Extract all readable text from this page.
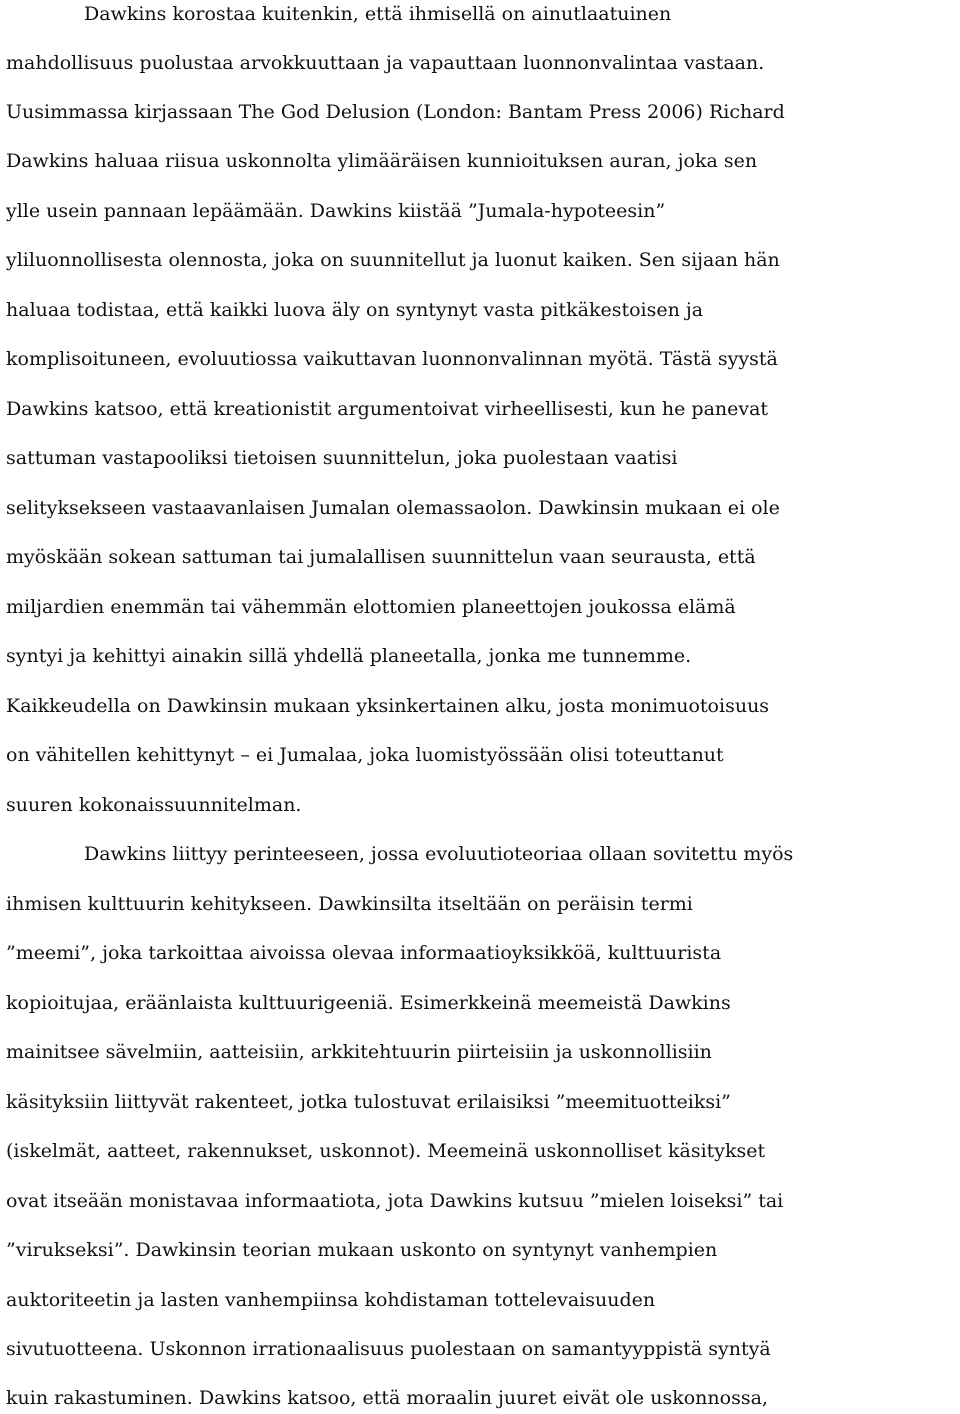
Dawkins korostaa kuitenkin, että ihmisellä on ainutlaatuinen
mahdollisuus puolustaa arvokkuuttaan ja vapauttaan luonnonvalintaa vastaan.
Uusimmassa kirjassaan The God Delusion (London: Bantam Press 2006) Richard
Dawkins haluaa riisua uskonnolta ylimääräisen kunnioituksen auran, joka sen
ylle usein pannaan lepäämään. Dawkins kiistää ”Jumala-hypoteesin”
yliluonnollisesta olennosta, joka on suunnitellut ja luonut kaiken. Sen sijaan hän
haluaa todistaa, että kaikki luova äly on syntynyt vasta pitkäkestoisen ja
komplisoituneen, evoluutiossa vaikuttavan luonnonvalinnan myötä. Tästä syystä
Dawkins katsoo, että kreationistit argumentoivat virheellisesti, kun he panevat
sattuman vastapooliksi tietoisen suunnittelun, joka puolestaan vaatisi
selityksekseen vastaavanlaisen Jumalan olemassaolon. Dawkinsin mukaan ei ole
myöskään sokean sattuman tai jumalallisen suunnittelun vaan seurausta, että
miljardien enemmän tai vähemmän elottomien planeettojen joukossa elämä
syntyi ja kehittyi ainakin sillä yhdellä planeetalla, jonka me tunnemme.
Kaikkeudella on Dawkinsin mukaan yksinkertainen alku, josta monimuotoisuus
on vähitellen kehittynyt – ei Jumalaa, joka luomistyössään olisi toteuttanut
suuren kokonaissuunnitelman.
Dawkins liittyy perinteeseen, jossa evoluutioteoriaa ollaan sovitettu myös
ihmisen kulttuurin kehitykseen. Dawkinsilta itseltään on peräisin termi
”meemi”, joka tarkoittaa aivoissa olevaa informaatioyksikköä, kulttuurista
kopioitujaa, eräänlaista kulttuurigeeniä. Esimerkkeinä meemeistä Dawkins
mainitsee sävelmiin, aatteisiin, arkkitehtuurin piirteisiin ja uskonnollisiin
käsityksiin liittyvät rakenteet, jotka tulostuvat erilaisiksi ”meemituotteiksi”
(iskelmät, aatteet, rakennukset, uskonnot). Meemeinä uskonnolliset käsitykset
ovat itseään monistavaa informaatiota, jota Dawkins kutsuu ”mielen loiseksi” tai
”virukseksi”. Dawkinsin teorian mukaan uskonto on syntynyt vanhempien
auktoriteetin ja lasten vanhempiinsa kohdistaman tottelevaisuuden
sivutuotteena. Uskonnon irrationaalisuus puolestaan on samantyyppistä syntyä
kuin rakastuminen. Dawkins katsoo, että moraalin juuret eivät ole uskonnossa,
